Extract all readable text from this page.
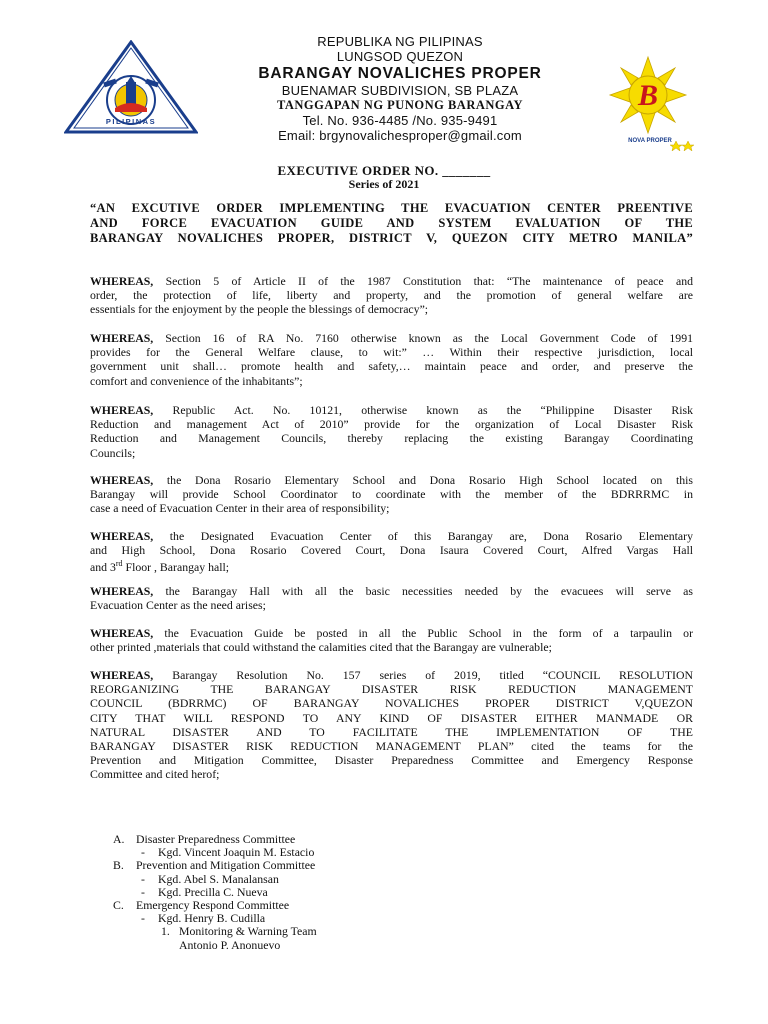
PILIPINAS
REPUBLIKA NG PILIPINAS
LUNGSOD QUEZON
BARANGAY NOVALICHES PROPER
BUENAMAR SUBDIVISION, SB PLAZA
TANGGAPAN NG PUNONG BARANGAY
Tel. No. 936-4485 /No. 935-9491
Email: brgynovalichesproper@gmail.com
B
NOVA PROPER
EXECUTIVE ORDER NO. _______
Series of 2021
“AN EXCUTIVE ORDER IMPLEMENTING THE EVACUATION CENTER PREENTIVE
AND FORCE EVACUATION GUIDE AND SYSTEM EVALUATION OF THE
BARANGAY NOVALICHES PROPER, DISTRICT V, QUEZON CITY METRO MANILA”
WHEREAS, Section 5 of Article II of the 1987 Constitution that: “The maintenance of peace and
order, the protection of life, liberty and property, and the promotion of general welfare are
essentials for the enjoyment by the people the blessings of democracy”;
WHEREAS, Section 16 of RA No. 7160 otherwise known as the Local Government Code of 1991
provides for the General Welfare clause, to wit:” … Within their respective jurisdiction, local
government unit shall… promote health and safety,… maintain peace and order, and preserve the
comfort and convenience of the inhabitants”;
WHEREAS, Republic Act. No. 10121, otherwise known as the “Philippine Disaster Risk
Reduction and management Act of 2010” provide for the organization of Local Disaster Risk
Reduction and Management Councils, thereby replacing the existing Barangay Coordinating
Councils;
WHEREAS, the Dona Rosario Elementary School and Dona Rosario High School located on this
Barangay will provide School Coordinator to coordinate with the member of the BDRRRMC in
case a need of Evacuation Center in their area of responsibility;
WHEREAS, the Designated Evacuation Center of this Barangay are, Dona Rosario Elementary
and High School, Dona Rosario Covered Court, Dona Isaura Covered Court, Alfred Vargas Hall
and 3rd Floor , Barangay hall;
WHEREAS, the Barangay Hall with all the basic necessities needed by the evacuees will serve as
Evacuation Center as the need arises;
WHEREAS, the Evacuation Guide be posted in all the Public School in the form of a tarpaulin or
other printed ,materials that could withstand the calamities cited that the Barangay are vulnerable;
WHEREAS, Barangay Resolution No. 157 series of 2019, titled “COUNCIL RESOLUTION
REORGANIZING THE BARANGAY DISASTER RISK REDUCTION MANAGEMENT
COUNCIL (BDRRMC) OF BARANGAY NOVALICHES PROPER DISTRICT V,QUEZON
CITY THAT WILL RESPOND TO ANY KIND OF DISASTER EITHER MANMADE OR
NATURAL DISASTER AND TO FACILITATE THE IMPLEMENTATION OF THE
BARANGAY DISASTER RISK REDUCTION MANAGEMENT PLAN” cited the teams for the
Prevention and Mitigation Committee, Disaster Preparedness Committee and Emergency Response
Committee and cited herof;
A. Disaster Preparedness Committee
-	Kgd. Vincent Joaquin M. Estacio
B.	Prevention and Mitigation Committee
-	Kgd. Abel S. Manalansan
-	Kgd. Precilla C. Nueva
C.	Emergency Respond Committee
-	Kgd. Henry B. Cudilla
1. Monitoring & Warning Team
Antonio P. Anonuevo
